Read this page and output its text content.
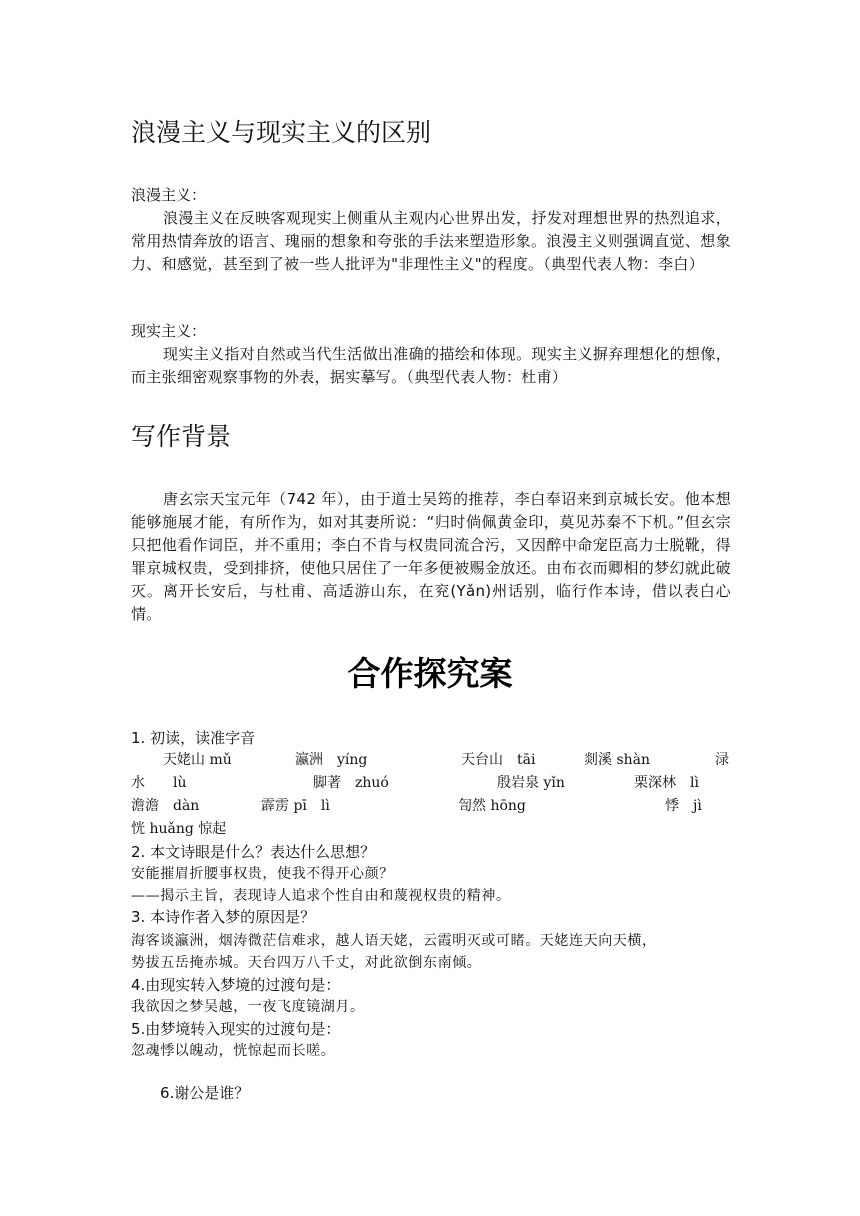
浪漫主义与现实主义的区别
浪漫主义：
浪漫主义在反映客观现实上侧重从主观内心世界出发，抒发对理想世界的热烈追求，常用热情奔放的语言、瑰丽的想象和夸张的手法来塑造形象。浪漫主义则强调直觉、想象力、和感觉，甚至到了被一些人批评为"非理性主义"的程度。（典型代表人物：李白）
现实主义：
现实主义指对自然或当代生活做出准确的描绘和体现。现实主义摒弃理想化的想像，而主张细密观察事物的外表，据实摹写。（典型代表人物：杜甫）
写作背景
唐玄宗天宝元年（742 年），由于道士吴筠的推荐，李白奉诏来到京城长安。他本想能够施展才能，有所作为，如对其妻所说：“归时倘佩黄金印，莫见苏秦不下机。”但玄宗只把他看作词臣，并不重用；李白不肯与权贵同流合污，又因醉中命宠臣高力士脱靴，得罪京城权贵，受到排挤，使他只居住了一年多便被赐金放还。由布衣而卿相的梦幻就此破灭。离开长安后，与杜甫、高适游山东，在兖(Yǎn)州话别，临行作本诗，借以表白心情。
合作探究案
1. 初读，读准字音
天姥山 mǔ	瀛洲　yíng	天台山　tāi	剡溪 shàn	渌
水　　lù	脚著　zhuó	殷岩泉 yǐn	栗深林　lì
澹澹　dàn	霹雳 pī　lì	訇然 hōng	悸　jì
恍 huǎng 惊起
2. 本文诗眼是什么？表达什么思想？
安能摧眉折腰事权贵，使我不得开心颜？
——揭示主旨，表现诗人追求个性自由和蔑视权贵的精神。
3. 本诗作者入梦的原因是？
海客谈瀛洲，烟涛微茫信难求，越人语天姥，云霞明灭或可睹。天姥连天向天横，
势拔五岳掩赤城。天台四万八千丈，对此欲倒东南倾。
4.由现实转入梦境的过渡句是：
我欲因之梦吴越，一夜飞度镜湖月。
5.由梦境转入现实的过渡句是：
忽魂悸以魄动，恍惊起而长嗟。
6.谢公是谁？
